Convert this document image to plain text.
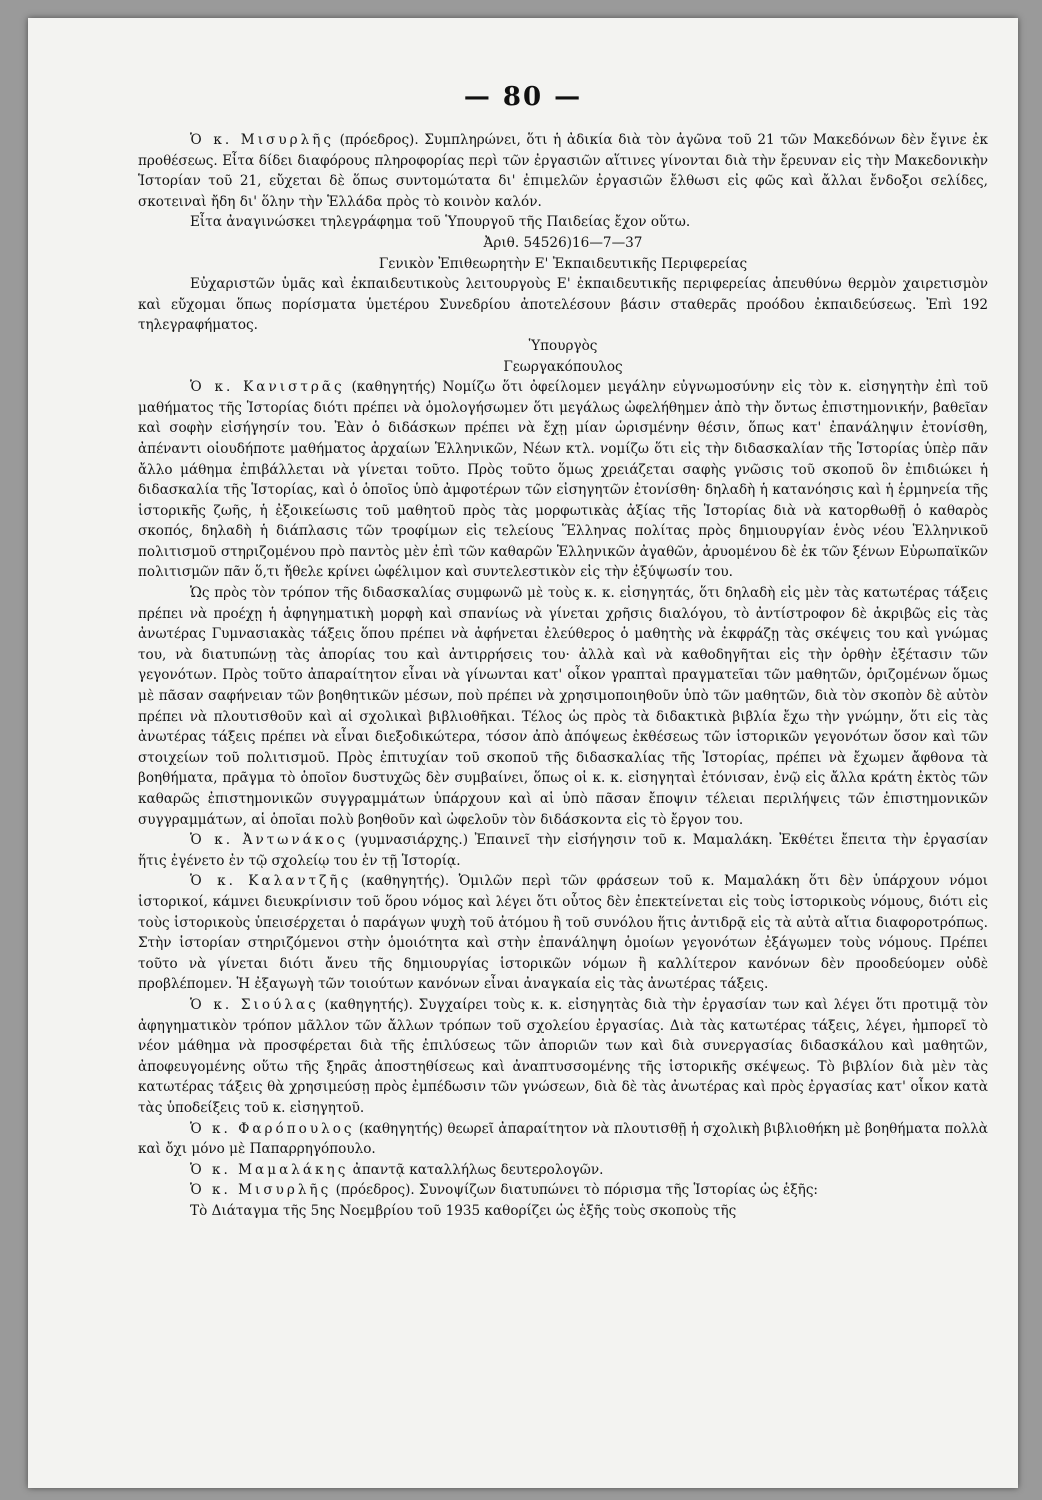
— 80 —

Ὁ κ. Μισυρλῆς (πρόεδρος). Συμπληρώνει, ὅτι ἡ ἀδικία διὰ τὸν ἀγῶνα τοῦ 21 τῶν Μακεδόνων δὲν ἔγινε ἐκ προθέσεως. Εἶτα δίδει διαφόρους πληροφορίας περὶ τῶν ἐργασιῶν αἵτινες γίνονται διὰ τὴν ἔρευναν εἰς τὴν Μακεδονικὴν Ἱστορίαν τοῦ 21, εὔχεται δὲ ὅπως συντομώτατα δι' ἐπιμελῶν ἐργασιῶν ἔλθωσι εἰς φῶς καὶ ἄλλαι ἔνδοξοι σελίδες, σκοτειναὶ ἤδη δι' ὅλην τὴν Ἑλλάδα πρὸς τὸ κοινὸν καλόν.

Εἶτα ἀναγινώσκει τηλεγράφημα τοῦ Ὑπουργοῦ τῆς Παιδείας ἔχον οὕτω.

Ἀριθ. 54526)16—7—37

Γενικὸν Ἐπιθεωρητὴν Ε' Ἐκπαιδευτικῆς Περιφερείας

Εὐχαριστῶν ὑμᾶς καὶ ἐκπαιδευτικοὺς λειτουργοὺς Ε' ἐκπαιδευτικῆς περιφερείας ἀπευθύνω θερμὸν χαιρετισμὸν καὶ εὔχομαι ὅπως πορίσματα ὑμετέρου Συνεδρίου ἀποτελέσουν βάσιν σταθερᾶς προόδου ἐκπαιδεύσεως. Ἐπὶ 192 τηλεγραφήματος.

Ὑπουργὸς

Γεωργακόπουλος

Ὁ κ. Κανιστρᾶς (καθηγητής) Νομίζω ὅτι ὀφείλομεν μεγάλην εὐγνωμοσύνην εἰς τὸν κ. εἰσηγητὴν ἐπὶ τοῦ μαθήματος τῆς Ἱστορίας διότι πρέπει νὰ ὁμολογήσωμεν ὅτι μεγάλως ὠφελήθημεν ἀπὸ τὴν ὄντως ἐπιστημονικήν, βαθεῖαν καὶ σοφὴν εἰσήγησίν του. Ἐὰν ὁ διδάσκων πρέπει νὰ ἔχῃ μίαν ὡρισμένην θέσιν, ὅπως κατ' ἐπανάληψιν ἐτονίσθη, ἀπέναντι οἱουδήποτε μαθήματος ἀρχαίων Ἑλληνικῶν, Νέων κτλ. νομίζω ὅτι εἰς τὴν διδασκαλίαν τῆς Ἱστορίας ὑπὲρ πᾶν ἄλλο μάθημα ἐπιβάλλεται νὰ γίνεται τοῦτο. Πρὸς τοῦτο ὅμως χρειάζεται σαφὴς γνῶσις τοῦ σκοποῦ ὃν ἐπιδιώκει ἡ διδασκαλία τῆς Ἱστορίας, καὶ ὁ ὁποῖος ὑπὸ ἀμφοτέρων τῶν εἰσηγητῶν ἐτονίσθη· δηλαδὴ ἡ κατανόησις καὶ ἡ ἑρμηνεία τῆς ἱστορικῆς ζωῆς, ἡ ἐξοικείωσις τοῦ μαθητοῦ πρὸς τὰς μορφωτικὰς ἀξίας τῆς Ἱστορίας διὰ νὰ κατορθωθῇ ὁ καθαρὸς σκοπός, δηλαδὴ ἡ διάπλασις τῶν τροφίμων εἰς τελείους Ἕλληνας πολίτας πρὸς δημιουργίαν ἑνὸς νέου Ἑλληνικοῦ πολιτισμοῦ στηριζομένου πρὸ παντὸς μὲν ἐπὶ τῶν καθαρῶν Ἑλληνικῶν ἀγαθῶν, ἀρυομένου δὲ ἐκ τῶν ξένων Εὐρωπαϊκῶν πολιτισμῶν πᾶν ὅ,τι ἤθελε κρίνει ὠφέλιμον καὶ συντελεστικὸν εἰς τὴν ἐξύψωσίν του.

Ὡς πρὸς τὸν τρόπον τῆς διδασκαλίας συμφωνῶ μὲ τοὺς κ. κ. εἰσηγητάς, ὅτι δηλαδὴ εἰς μὲν τὰς κατωτέρας τάξεις πρέπει νὰ προέχῃ ἡ ἀφηγηματικὴ μορφὴ καὶ σπανίως νὰ γίνεται χρῆσις διαλόγου, τὸ ἀντίστροφον δὲ ἀκριβῶς εἰς τὰς ἀνωτέρας Γυμνασιακὰς τάξεις ὅπου πρέπει νὰ ἀφήνεται ἐλεύθερος ὁ μαθητὴς νὰ ἐκφράζῃ τὰς σκέψεις του καὶ γνώμας του, νὰ διατυπώνῃ τὰς ἀπορίας του καὶ ἀντιρρήσεις του· ἀλλὰ καὶ νὰ καθοδηγῆται εἰς τὴν ὀρθὴν ἐξέτασιν τῶν γεγονότων. Πρὸς τοῦτο ἀπαραίτητον εἶναι νὰ γίνωνται κατ' οἶκον γραπταὶ πραγματεῖαι τῶν μαθητῶν, ὁριζομένων ὅμως μὲ πᾶσαν σαφήνειαν τῶν βοηθητικῶν μέσων, ποὺ πρέπει νὰ χρησιμοποιηθοῦν ὑπὸ τῶν μαθητῶν, διὰ τὸν σκοπὸν δὲ αὐτὸν πρέπει νὰ πλουτισθοῦν καὶ αἱ σχολικαὶ βιβλιοθῆκαι. Τέλος ὡς πρὸς τὰ διδακτικὰ βιβλία ἔχω τὴν γνώμην, ὅτι εἰς τὰς ἀνωτέρας τάξεις πρέπει νὰ εἶναι διεξοδικώτερα, τόσον ἀπὸ ἀπόψεως ἐκθέσεως τῶν ἱστορικῶν γεγονότων ὅσον καὶ τῶν στοιχείων τοῦ πολιτισμοῦ. Πρὸς ἐπιτυχίαν τοῦ σκοποῦ τῆς διδασκαλίας τῆς Ἱστορίας, πρέπει νὰ ἔχωμεν ἄφθονα τὰ βοηθήματα, πρᾶγμα τὸ ὁποῖον δυστυχῶς δὲν συμβαίνει, ὅπως οἱ κ. κ. εἰσηγηταὶ ἐτόνισαν, ἐνῷ εἰς ἄλλα κράτη ἐκτὸς τῶν καθαρῶς ἐπιστημονικῶν συγγραμμάτων ὑπάρχουν καὶ αἱ ὑπὸ πᾶσαν ἔποψιν τέλειαι περιλήψεις τῶν ἐπιστημονικῶν συγγραμμάτων, αἱ ὁποῖαι πολὺ βοηθοῦν καὶ ὠφελοῦν τὸν διδάσκοντα εἰς τὸ ἔργον του.

Ὁ κ. Ἀντωνάκος (γυμνασιάρχης.) Ἐπαινεῖ τὴν εἰσήγησιν τοῦ κ. Μαμαλάκη. Ἐκθέτει ἔπειτα τὴν ἐργασίαν ἥτις ἐγένετο ἐν τῷ σχολείῳ του ἐν τῇ Ἱστορίᾳ.

Ὁ κ. Καλαντζῆς (καθηγητής). Ὁμιλῶν περὶ τῶν φράσεων τοῦ κ. Μαμαλάκη ὅτι δὲν ὑπάρχουν νόμοι ἱστορικοί, κάμνει διευκρίνισιν τοῦ ὅρου νόμος καὶ λέγει ὅτι οὗτος δὲν ἐπεκτείνεται εἰς τοὺς ἱστορικοὺς νόμους, διότι εἰς τοὺς ἱστορικοὺς ὑπεισέρχεται ὁ παράγων ψυχὴ τοῦ ἀτόμου ἢ τοῦ συνόλου ἥτις ἀντιδρᾷ εἰς τὰ αὐτὰ αἴτια διαφοροτρόπως. Στὴν ἱστορίαν στηριζόμενοι στὴν ὁμοιότητα καὶ στὴν ἐπανάληψη ὁμοίων γεγονότων ἐξάγωμεν τοὺς νόμους. Πρέπει τοῦτο νὰ γίνεται διότι ἄνευ τῆς δημιουργίας ἱστορικῶν νόμων ἢ καλλίτερον κανόνων δὲν προοδεύομεν οὐδὲ προβλέπομεν. Ἡ ἐξαγωγὴ τῶν τοιούτων κανόνων εἶναι ἀναγκαία εἰς τὰς ἀνωτέρας τάξεις.

Ὁ κ. Σιούλας (καθηγητής). Συγχαίρει τοὺς κ. κ. εἰσηγητὰς διὰ τὴν ἐργασίαν των καὶ λέγει ὅτι προτιμᾷ τὸν ἀφηγηματικὸν τρόπον μᾶλλον τῶν ἄλλων τρόπων τοῦ σχολείου ἐργασίας. Διὰ τὰς κατωτέρας τάξεις, λέγει, ἠμπορεῖ τὸ νέον μάθημα νὰ προσφέρεται διὰ τῆς ἐπιλύσεως τῶν ἀποριῶν των καὶ διὰ συνεργασίας διδασκάλου καὶ μαθητῶν, ἀποφευγομένης οὕτω τῆς ξηρᾶς ἀποστηθίσεως καὶ ἀναπτυσσομένης τῆς ἱστορικῆς σκέψεως. Τὸ βιβλίον διὰ μὲν τὰς κατωτέρας τάξεις θὰ χρησιμεύσῃ πρὸς ἐμπέδωσιν τῶν γνώσεων, διὰ δὲ τὰς ἀνωτέρας καὶ πρὸς ἐργασίας κατ' οἶκον κατὰ τὰς ὑποδείξεις τοῦ κ. εἰσηγητοῦ.

Ὁ κ. Φαρόπουλος (καθηγητής) θεωρεῖ ἀπαραίτητον νὰ πλουτισθῇ ἡ σχολικὴ βιβλιοθήκη μὲ βοηθήματα πολλὰ καὶ ὄχι μόνο μὲ Παπαρρηγόπουλο.

Ὁ κ. Μαμαλάκης ἀπαντᾷ καταλλήλως δευτερολογῶν.

Ὁ κ. Μισυρλῆς (πρόεδρος). Συνοψίζων διατυπώνει τὸ πόρισμα τῆς Ἱστορίας ὡς ἑξῆς:

Τὸ Διάταγμα τῆς 5ης Νοεμβρίου τοῦ 1935 καθορίζει ὡς ἑξῆς τοὺς σκοποὺς τῆς
